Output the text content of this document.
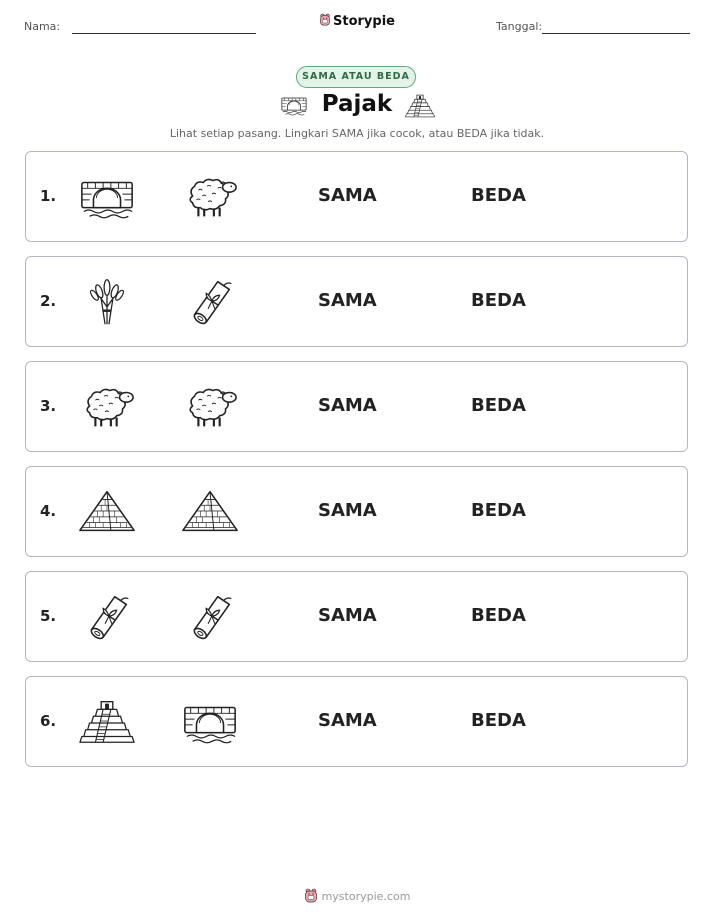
Nama:	Storypie	Tanggal:
SAMA ATAU BEDA
Pajak
Lihat setiap pasang. Lingkari SAMA jika cocok, atau BEDA jika tidak.
1.	SAMA	BEDA
2.	SAMA	BEDA
3.	SAMA	BEDA
4.	SAMA	BEDA
5.	SAMA	BEDA
6.	SAMA	BEDA
mystorypie.com
